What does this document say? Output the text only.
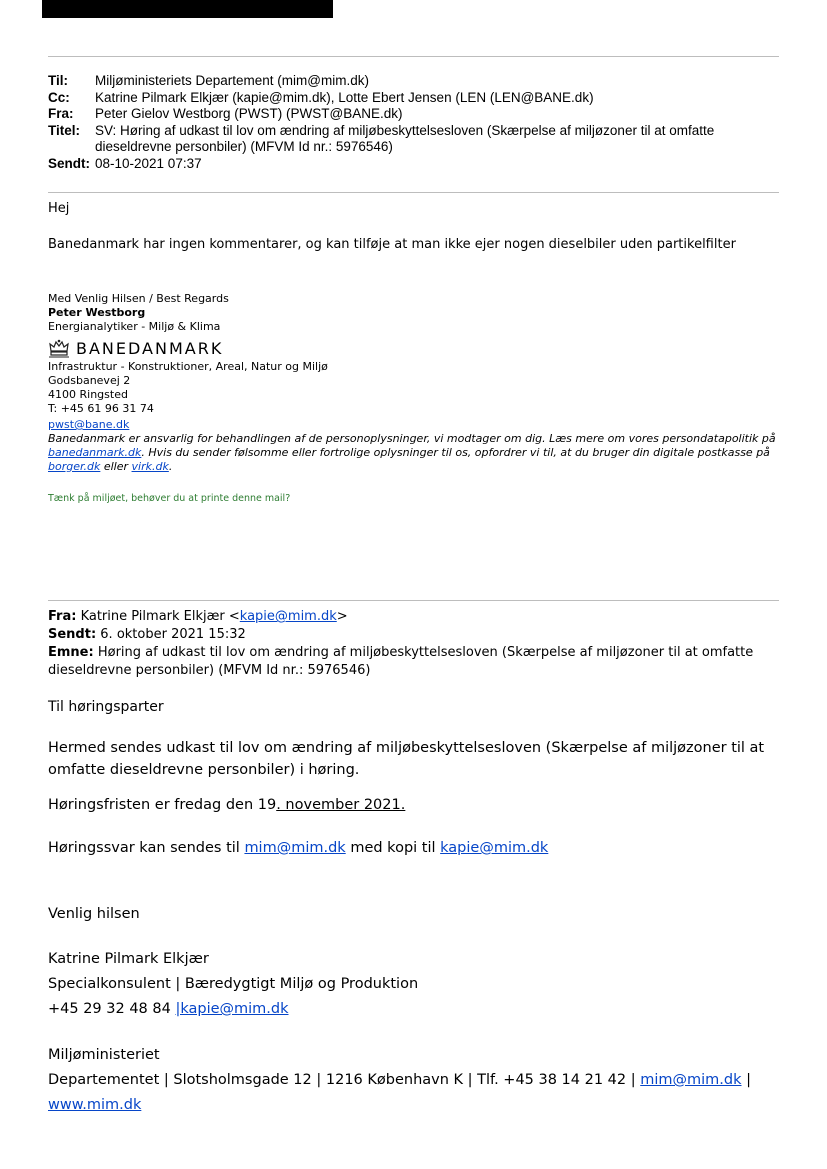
Til:	Miljøministeriets Departement (mim@mim.dk)
Cc:	Katrine Pilmark Elkjær (kapie@mim.dk), Lotte Ebert Jensen (LEN (LEN@BANE.dk)
Fra:	Peter Gielov Westborg (PWST) (PWST@BANE.dk)
Titel:	SV: Høring af udkast til lov om ændring af miljøbeskyttelsesloven (Skærpelse af miljøzoner til at omfatte dieseldrevne personbiler) (MFVM Id nr.: 5976546)
Sendt: 08-10-2021 07:37
Hej
Banedanmark har ingen kommentarer, og kan tilføje at man ikke ejer nogen dieselbiler uden partikelfilter
Med Venlig Hilsen / Best Regards
Peter Westborg
Energianalytiker - Miljø & Klima
BANEDANMARK
Infrastruktur - Konstruktioner, Areal, Natur og Miljø
Godsbanevej 2
4100 Ringsted
T: +45 61 96 31 74
pwst@bane.dk
Banedanmark er ansvarlig for behandlingen af de personoplysninger, vi modtager om dig. Læs mere om vores persondatapolitik på banedanmark.dk. Hvis du sender følsomme eller fortrolige oplysninger til os, opfordrer vi til, at du bruger din digitale postkasse på borger.dk eller virk.dk.
Tænk på miljøet, behøver du at printe denne mail?
Fra: Katrine Pilmark Elkjær <kapie@mim.dk>
Sendt: 6. oktober 2021 15:32
Emne: Høring af udkast til lov om ændring af miljøbeskyttelsesloven (Skærpelse af miljøzoner til at omfatte dieseldrevne personbiler) (MFVM Id nr.: 5976546)
Til høringsparter
Hermed sendes udkast til lov om ændring af miljøbeskyttelsesloven (Skærpelse af miljøzoner til at omfatte dieseldrevne personbiler) i høring.
Høringsfristen er fredag den 19. november 2021.
Høringssvar kan sendes til mim@mim.dk med kopi til kapie@mim.dk
Venlig hilsen
Katrine Pilmark Elkjær
Specialkonsulent | Bæredygtigt Miljø og Produktion
+45 29 32 48 84 |kapie@mim.dk
Miljøministeriet
Departementet | Slotsholmsgade 12 | 1216 København K | Tlf. +45 38 14 21 42 | mim@mim.dk |
www.mim.dk
